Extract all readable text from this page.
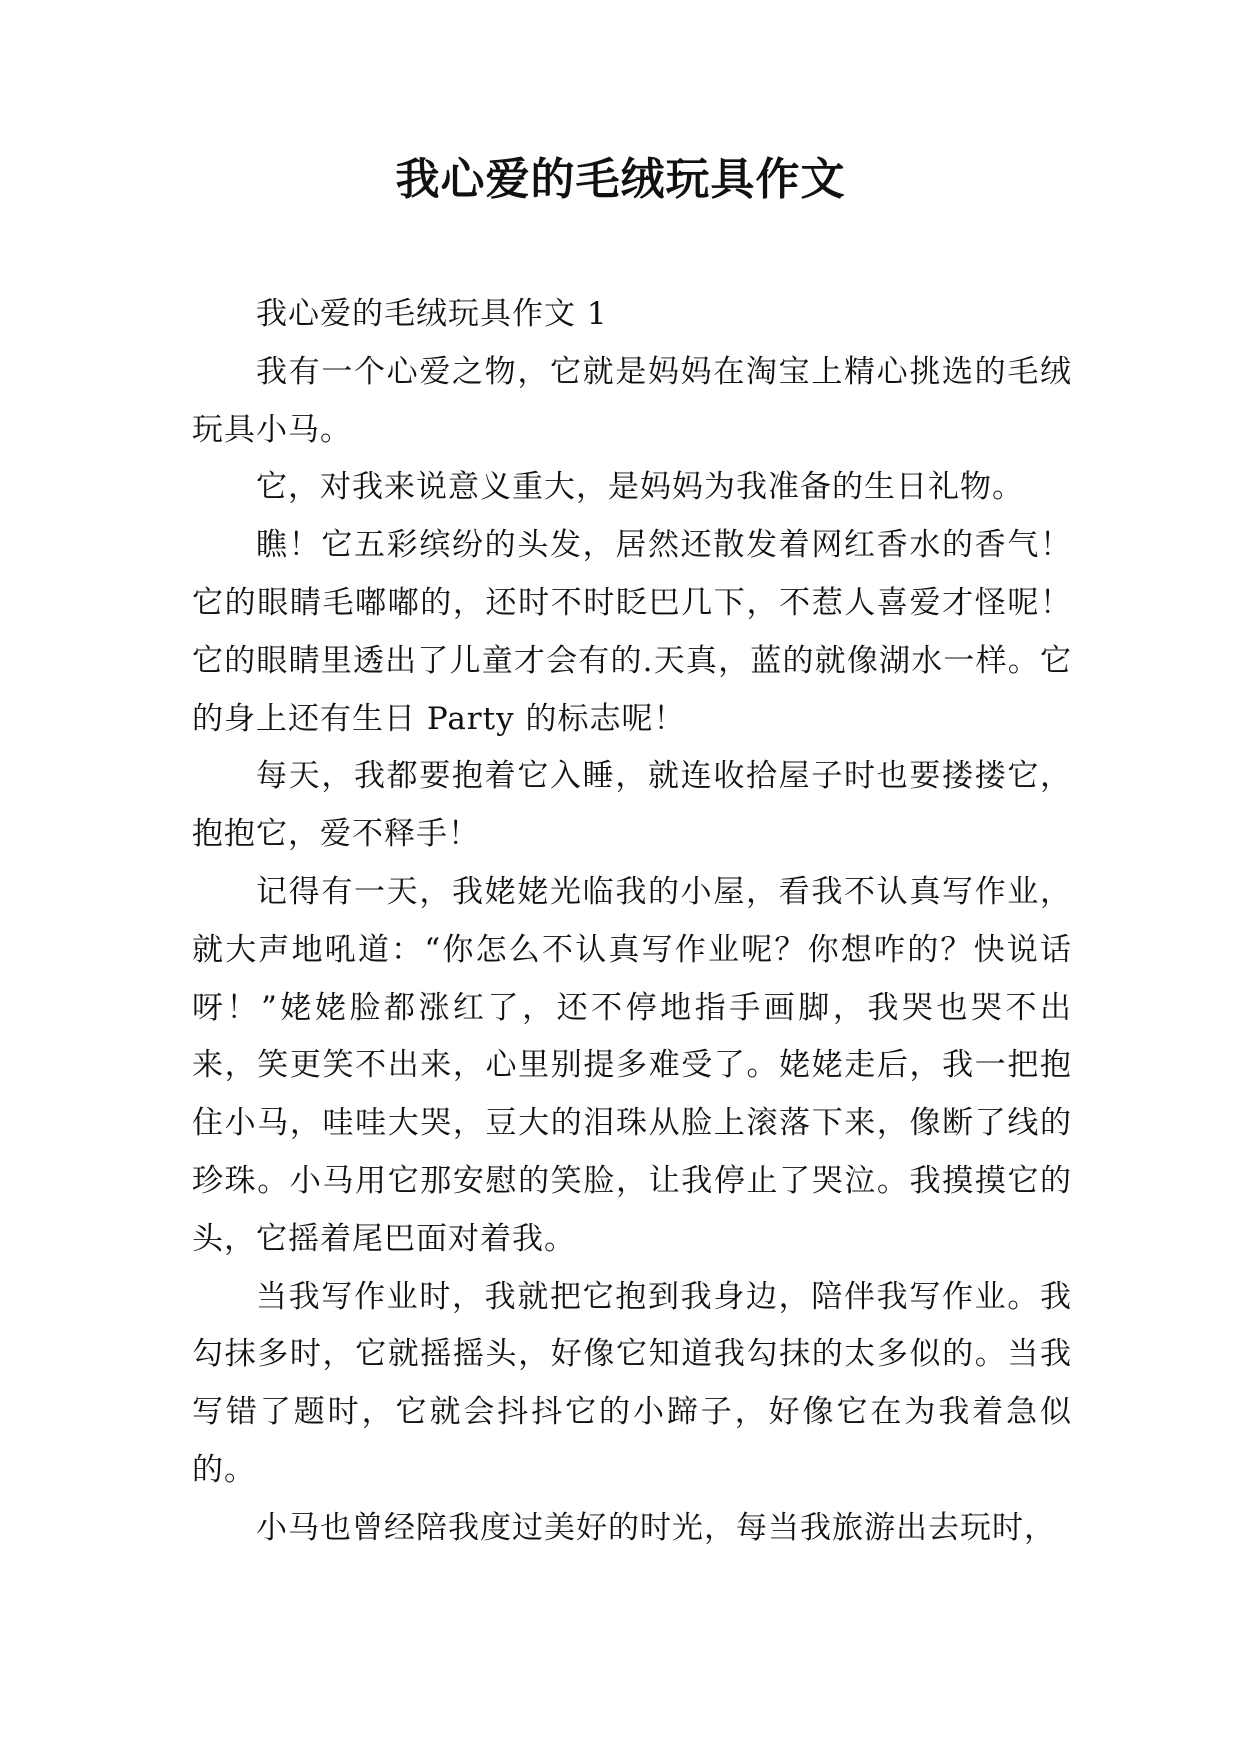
我心爱的毛绒玩具作文

我心爱的毛绒玩具作文 1

我有一个心爱之物，它就是妈妈在淘宝上精心挑选的毛绒玩具小马。

它，对我来说意义重大，是妈妈为我准备的生日礼物。

瞧！它五彩缤纷的头发，居然还散发着网红香水的香气！它的眼睛毛嘟嘟的，还时不时眨巴几下，不惹人喜爱才怪呢！它的眼睛里透出了儿童才会有的.天真，蓝的就像湖水一样。它的身上还有生日 Party 的标志呢！

每天，我都要抱着它入睡，就连收拾屋子时也要搂搂它，抱抱它，爱不释手！

记得有一天，我姥姥光临我的小屋，看我不认真写作业，就大声地吼道：“你怎么不认真写作业呢？你想咋的？快说话呀！”姥姥脸都涨红了，还不停地指手画脚，我哭也哭不出来，笑更笑不出来，心里别提多难受了。姥姥走后，我一把抱住小马，哇哇大哭，豆大的泪珠从脸上滚落下来，像断了线的珍珠。小马用它那安慰的笑脸，让我停止了哭泣。我摸摸它的头，它摇着尾巴面对着我。

当我写作业时，我就把它抱到我身边，陪伴我写作业。我勾抹多时，它就摇摇头，好像它知道我勾抹的太多似的。当我写错了题时，它就会抖抖它的小蹄子，好像它在为我着急似的。

小马也曾经陪我度过美好的时光，每当我旅游出去玩时，
